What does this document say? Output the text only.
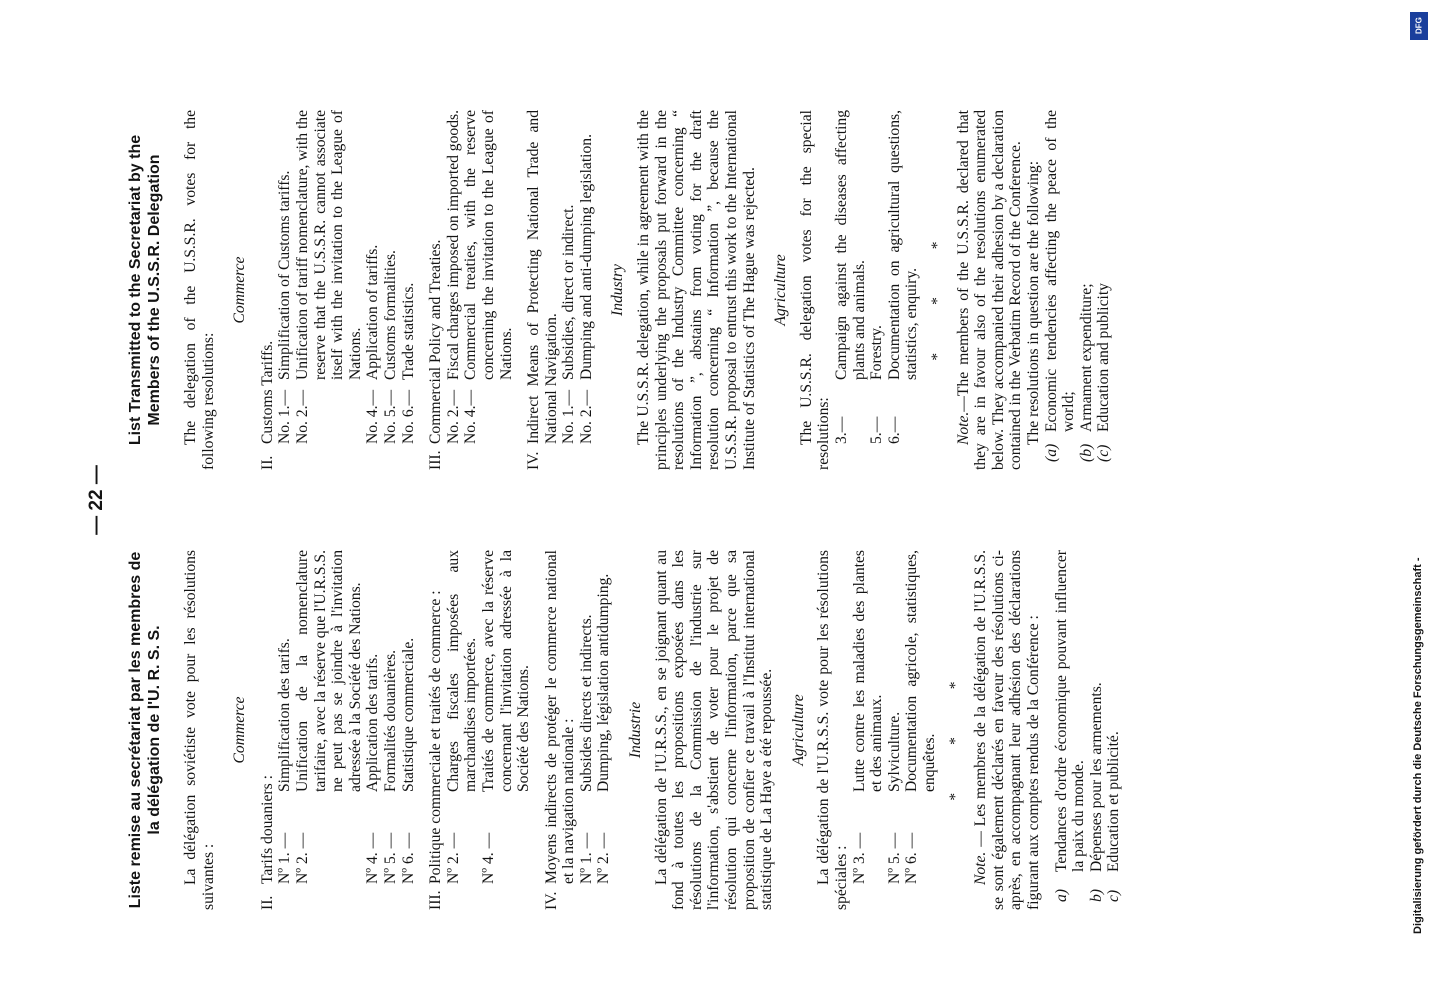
— 22 —
Liste remise au secrétariat par les membres de la délégation de l'U. R. S. S. La délégation soviétiste vote pour les résolutions suivantes :

Commerce
II.
Tarifs douaniers : Nº 1. —
Simplification des tarifs.
Nº 2. —
Unification de la nomenclature tarifaire, avec la réserve que l'U.R.S.S. ne peut pas se joindre à l'invitation adressée à la Société des Nations.
Nº 4. —
Application des tarifs.
Nº 5. —
Formalités douanières.
Nº 6. —
Statistique commerciale.
III.
Politique commerciale et traités de commerce : Nº 2. —
Charges fiscales imposées aux marchandises importées.
Nº 4. —
Traités de commerce, avec la réserve concernant l'invitation adressée à la Société des Nations.
IV.
Moyens indirects de protéger le commerce national et la navigation nationale : Nº 1. —
Subsides directs et indirects.
Nº 2. —
Dumping, législation antidumping. Industrie La délégation de l'U.R.S.S., en se joignant quant au fond à toutes les propositions exposées dans les résolutions de la Commission de l'industrie sur l'information, s'abstient de voter pour le projet de résolution qui concerne l'information, parce que sa proposition de confier ce travail à l'Institut international statistique de La Haye a été repoussée. Agriculture La délégation de l'U.R.S.S. vote pour les résolutions spéciales : Nº 3. —
Lutte contre les maladies des plantes et des animaux.
Nº 5. —
Sylviculture.
Nº 6. —
Documentation agricole, statistiques, enquêtes. * * *

Note. — Les membres de la délégation de l'U.R.S.S. se sont également déclarés en faveur des résolutions ci-après, en accompagnant leur adhésion des déclarations figurant aux comptes rendus de la Conférence : a)
Tendances d'ordre économique pouvant influencer la paix du monde.
b)
Dépenses pour les armements.
c)
Education et publicité.
List Transmitted to the Secretariat by the Members of the U.S.S.R. Delegation The delegation of the U.S.S.R. votes for the following resolutions:

Commerce
II.
Customs Tariffs. No. 1.—
Simplification of Customs tariffs.
No. 2.—
Unification of tariff nomenclature, with the reserve that the U.S.S.R. cannot associate itself with the invitation to the League of Nations.
No. 4.—
Application of tariffs.
No. 5.—
Customs formalities.
No. 6.—
Trade statistics.
III.
Commercial Policy and Treaties. No. 2.—
Fiscal charges imposed on imported goods.
No. 4.—
Commercial treaties, with the reserve concerning the invitation to the League of Nations.
IV.
Indirect Means of Protecting National Trade and National Navigation. No. 1.—
Subsidies, direct or indirect.
No. 2.—
Dumping and anti-dumping legislation. Industry The U.S.S.R. delegation, while in agreement with the principles underlying the proposals put forward in the resolutions of the Industry Committee concerning “ Information ”, abstains from voting for the draft resolution concerning “ Information ”, because the U.S.S.R. proposal to entrust this work to the International Institute of Statistics of The Hague was rejected. Agriculture The U.S.S.R. delegation votes for the special resolutions: 3.—
Campaign against the diseases affecting plants and animals.
5.—
Forestry.
6.—
Documentation on agricultural questions, statistics, enquiry. * * *

Note.—The members of the U.S.S.R. declared that they are in favour also of the resolutions enumerated below. They accompanied their adhesion by a declaration contained in the Verbatim Record of the Conference. The resolutions in question are the following:

(a)
Economic tendencies affecting the peace of the world;
(b)
Armament expenditure;
(c)
Education and publicity
Digitalisierung gefördert durch die Deutsche Forschungsgemeinschaft -
DFG
